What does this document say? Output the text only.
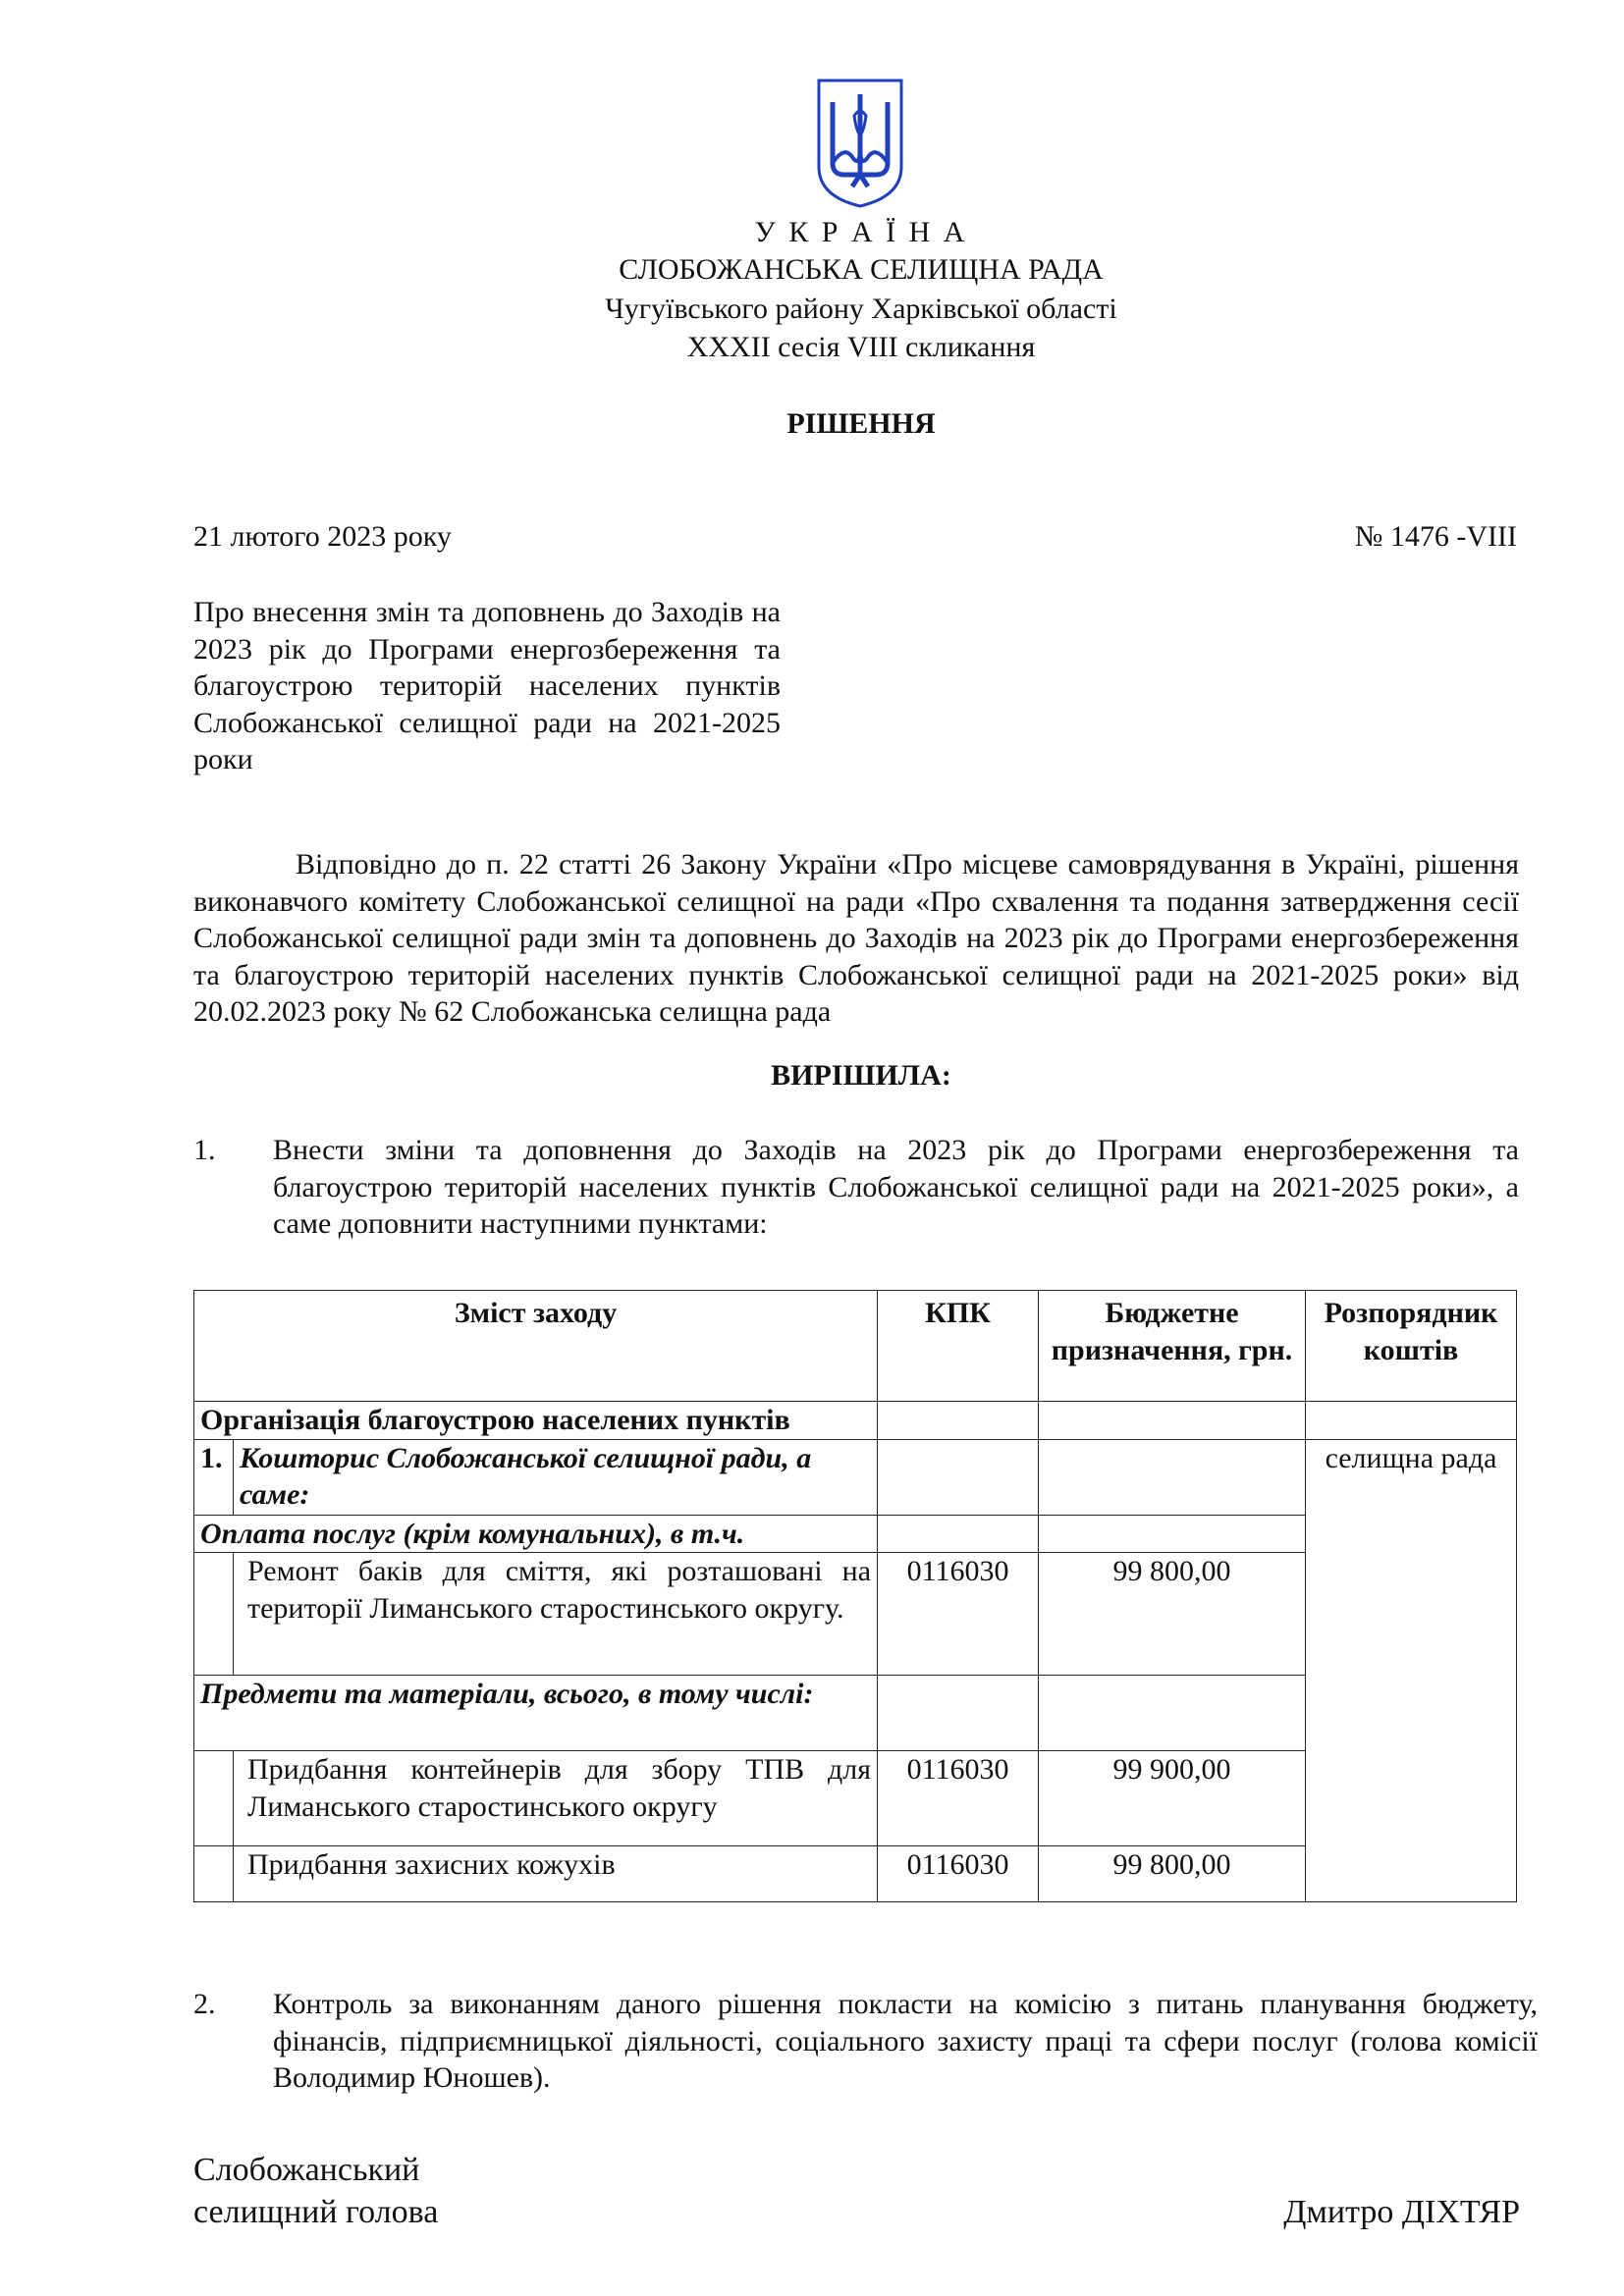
У К Р А Ї Н А
СЛОБОЖАНСЬКА СЕЛИЩНА РАДА
Чугуївського району Харківської області
XXXII сесія VIII скликання
РІШЕННЯ
21 лютого 2023 року	№ 1476 -VIII
Про внесення змін та доповнень до Заходів на 2023 рік до Програми енергозбереження та благоустрою територій населених пунктів Слобожанської селищної ради на 2021-2025 роки
Відповідно до п. 22 статті 26 Закону України «Про місцеве самоврядування в Україні, рішення виконавчого комітету Слобожанської селищної на ради «Про схвалення та подання затвердження сесії Слобожанської селищної ради змін та доповнень до Заходів на 2023 рік до Програми енергозбереження та благоустрою територій населених пунктів Слобожанської селищної ради на 2021-2025 роки» від 20.02.2023 року № 62 Слобожанська селищна рада
ВИРІШИЛА:
1. Внести зміни та доповнення до Заходів на 2023 рік до Програми енергозбереження та благоустрою територій населених пунктів Слобожанської селищної ради на 2021-2025 роки», а саме доповнити наступними пунктами:
Зміст заходу		КПК	Бюджетне призначення, грн.	Розпорядник коштів
Організація благоустрою населених пунктів				
1.	Кошторис Слобожанської селищної ради, а саме:			селищна рада
Оплата послуг (крім комунальних), в т.ч.				
	Ремонт баків для сміття, які розташовані на території Лиманського старостинського округу.	0116030	99 800,00	
Предмети та матеріали, всього, в тому числі:				
	Придбання контейнерів для збору ТПВ для Лиманського старостинського округу	0116030	99 900,00	
	Придбання захисних кожухів	0116030	99 800,00	
2. Контроль за виконанням даного рішення покласти на комісію з питань планування бюджету, фінансів, підприємницької діяльності, соціального захисту праці та сфери послуг (голова комісії Володимир Юношев).
Слобожанський
селищний голова	Дмитро ДІХТЯР
